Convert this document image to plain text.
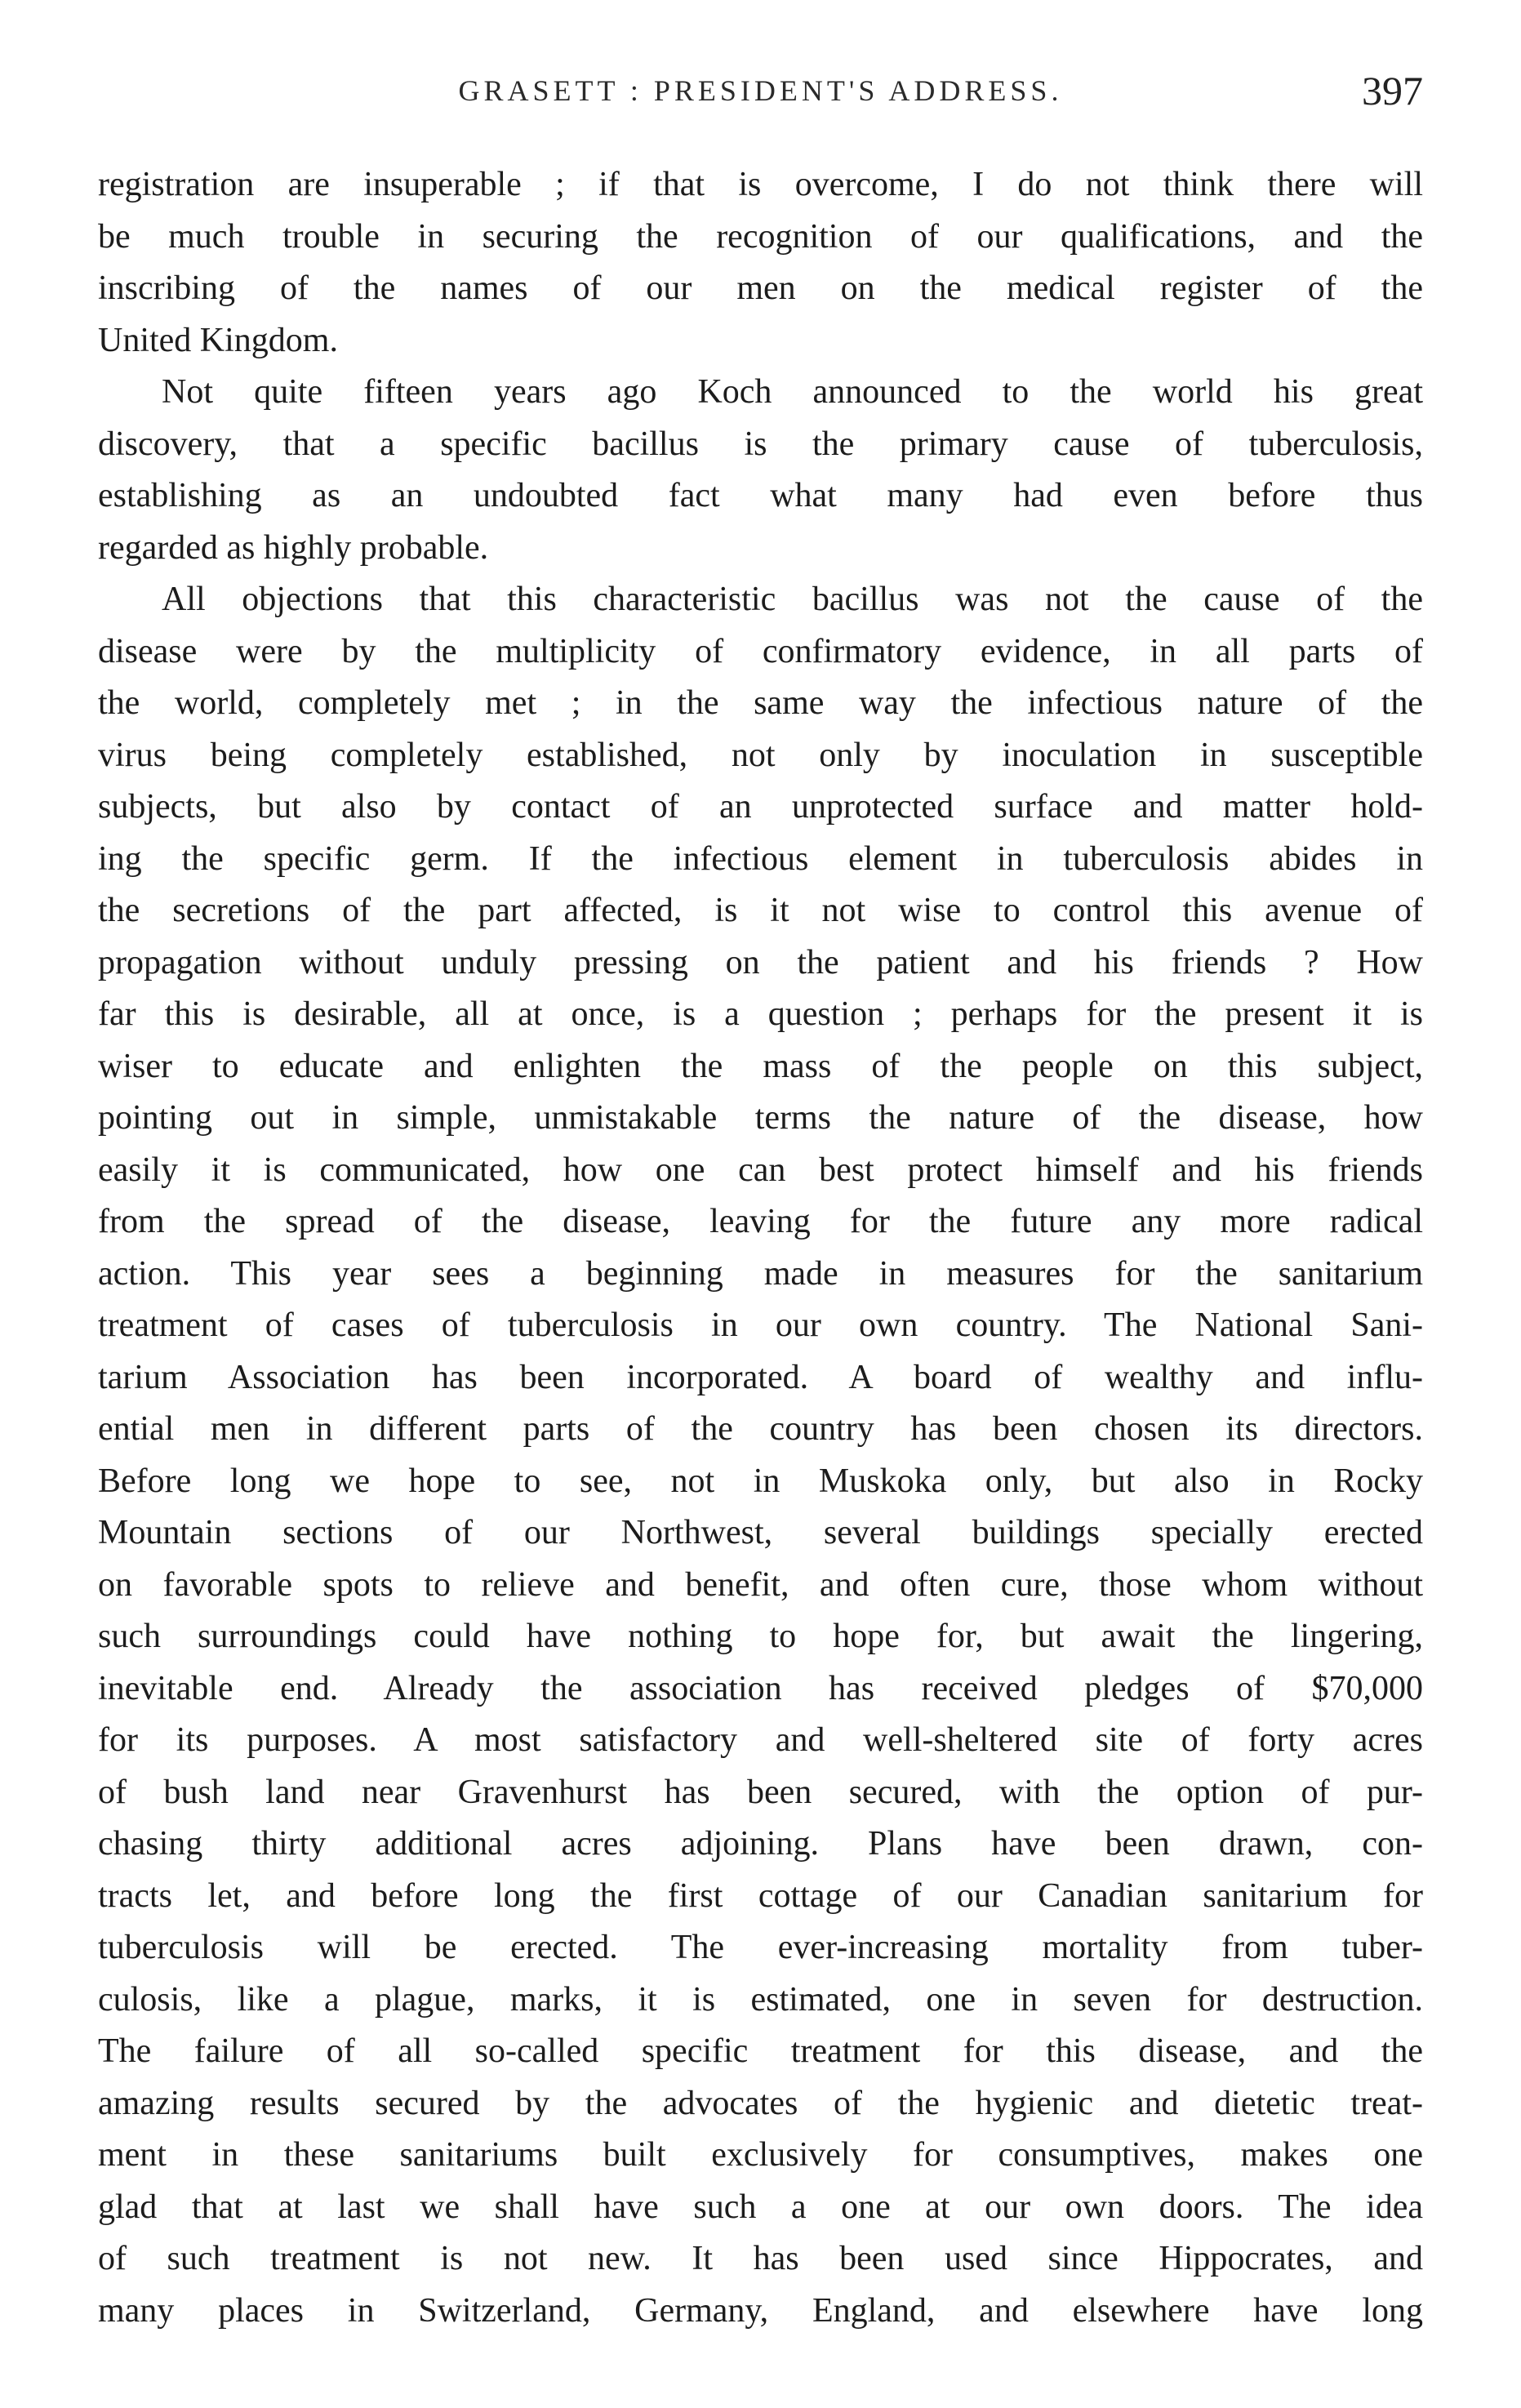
GRASETT : PRESIDENT'S ADDRESS.	397
registration are insuperable ; if that is overcome, I do not think there will
be much trouble in securing the recognition of our qualifications, and the
inscribing of the names of our men on the medical register of the
United Kingdom.
Not quite fifteen years ago Koch announced to the world his great
discovery, that a specific bacillus is the primary cause of tuberculosis,
establishing as an undoubted fact what many had even before thus
regarded as highly probable.
All objections that this characteristic bacillus was not the cause of the
disease were by the multiplicity of confirmatory evidence, in all parts of
the world, completely met ; in the same way the infectious nature of the
virus being completely established, not only by inoculation in susceptible
subjects, but also by contact of an unprotected surface and matter hold-
ing the specific germ. If the infectious element in tuberculosis abides in
the secretions of the part affected, is it not wise to control this avenue of
propagation without unduly pressing on the patient and his friends ? How
far this is desirable, all at once, is a question ; perhaps for the present it is
wiser to educate and enlighten the mass of the people on this subject,
pointing out in simple, unmistakable terms the nature of the disease, how
easily it is communicated, how one can best protect himself and his friends
from the spread of the disease, leaving for the future any more radical
action. This year sees a beginning made in measures for the sanitarium
treatment of cases of tuberculosis in our own country. The National Sani-
tarium Association has been incorporated. A board of wealthy and influ-
ential men in different parts of the country has been chosen its directors.
Before long we hope to see, not in Muskoka only, but also in Rocky
Mountain sections of our Northwest, several buildings specially erected
on favorable spots to relieve and benefit, and often cure, those whom without
such surroundings could have nothing to hope for, but await the lingering,
inevitable end. Already the association has received pledges of $70,000
for its purposes. A most satisfactory and well-sheltered site of forty acres
of bush land near Gravenhurst has been secured, with the option of pur-
chasing thirty additional acres adjoining. Plans have been drawn, con-
tracts let, and before long the first cottage of our Canadian sanitarium for
tuberculosis will be erected. The ever-increasing mortality from tuber-
culosis, like a plague, marks, it is estimated, one in seven for destruction.
The failure of all so-called specific treatment for this disease, and the
amazing results secured by the advocates of the hygienic and dietetic treat-
ment in these sanitariums built exclusively for consumptives, makes one
glad that at last we shall have such a one at our own doors. The idea
of such treatment is not new. It has been used since Hippocrates, and
many places in Switzerland, Germany, England, and elsewhere have long
